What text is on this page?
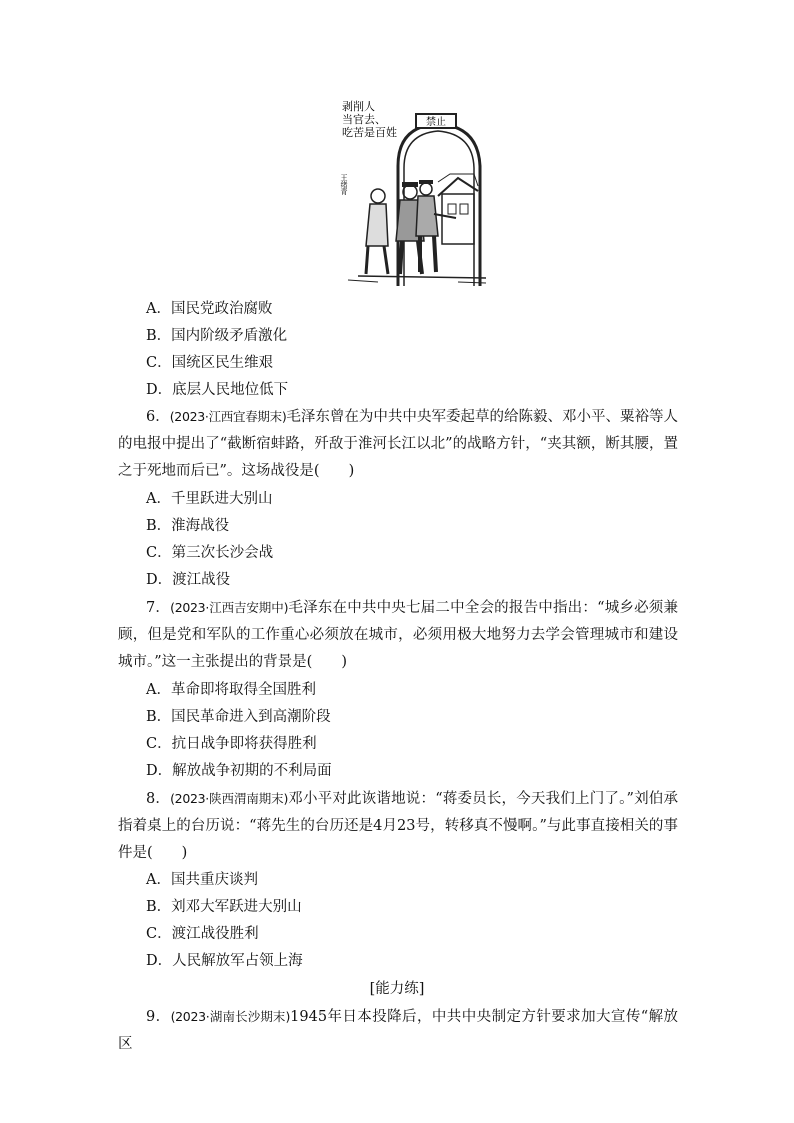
禁止
剥削人当官去、吃苦是百姓
王绪青
A．国民党政治腐败
B．国内阶级矛盾激化
C．国统区民生维艰
D．底层人民地位低下
6．(2023·江西宜春期末)毛泽东曾在为中共中央军委起草的给陈毅、邓小平、粟裕等人的电报中提出了“截断宿蚌路，歼敌于淮河长江以北”的战略方针，“夹其额，断其腰，置之于死地而后已”。这场战役是(　　)
A．千里跃进大别山
B．淮海战役
C．第三次长沙会战
D．渡江战役
7．(2023·江西吉安期中)毛泽东在中共中央七届二中全会的报告中指出：“城乡必须兼顾，但是党和军队的工作重心必须放在城市，必须用极大地努力去学会管理城市和建设城市。”这一主张提出的背景是(　　)
A．革命即将取得全国胜利
B．国民革命进入到高潮阶段
C．抗日战争即将获得胜利
D．解放战争初期的不利局面
8．(2023·陕西渭南期末)邓小平对此诙谐地说：“蒋委员长，今天我们上门了。”刘伯承指着桌上的台历说：“蒋先生的台历还是4月23号，转移真不慢啊。”与此事直接相关的事件是(　　)
A．国共重庆谈判
B．刘邓大军跃进大别山
C．渡江战役胜利
D．人民解放军占领上海
[能力练]
9．(2023·湖南长沙期末)1945年日本投降后，中共中央制定方针要求加大宣传“解放区
